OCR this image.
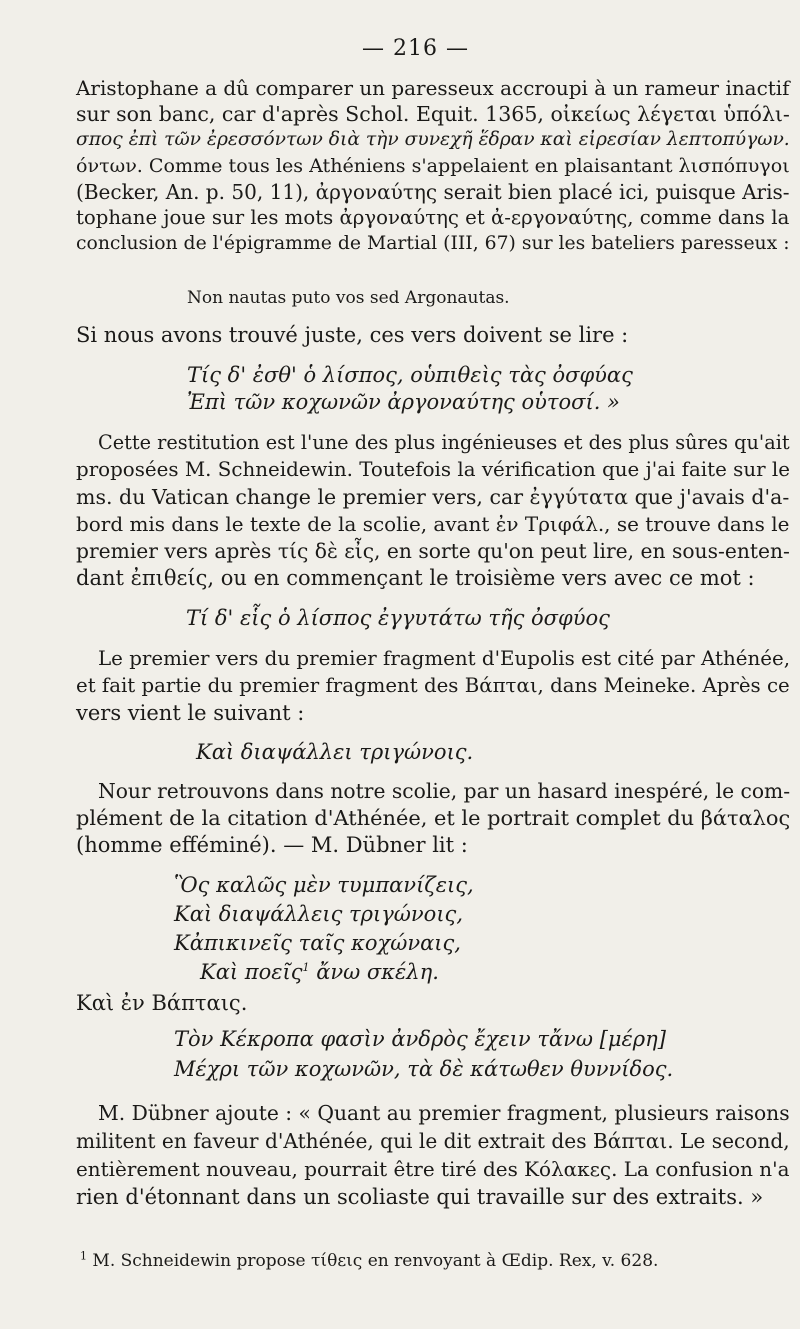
— 216 —
Aristophane a dû comparer un paresseux accroupi à un rameur inactif
sur son banc, car d'après Schol. Equit. 1365, οἰκείως λέγεται ὑπόλι-
σπος ἐπὶ τῶν ἐρεσσόντων διὰ τὴν συνεχῆ ἕδραν καὶ εἰρεσίαν λεπτοπύγων.
όντων. Comme tous les Athéniens s'appelaient en plaisantant λισπόπυγοι
(Becker, An. p. 50, 11), ἀργοναύτης serait bien placé ici, puisque Aris-
tophane joue sur les mots ἀργοναύτης et ἀ-εργοναύτης, comme dans la
conclusion de l'épigramme de Martial (III, 67) sur les bateliers paresseux :
Non nautas puto vos sed Argonautas.
Si nous avons trouvé juste, ces vers doivent se lire :
Τίς δ' ἐσθ' ὁ λίσπος, οὑπιθεὶς τὰς ὀσφύας
Ἐπὶ τῶν κοχωνῶν ἀργοναύτης οὑτοσί. »
Cette restitution est l'une des plus ingénieuses et des plus sûres qu'ait
proposées M. Schneidewin. Toutefois la vérification que j'ai faite sur le
ms. du Vatican change le premier vers, car ἐγγύτατα que j'avais d'a-
bord mis dans le texte de la scolie, avant ἐν Τριφάλ., se trouve dans le
premier vers après τίς δὲ εἶς, en sorte qu'on peut lire, en sous-enten-
dant ἐπιθείς, ou en commençant le troisième vers avec ce mot :
Τί δ' εἷς ὁ λίσπος ἐγγυτάτω τῆς ὀσφύος
Le premier vers du premier fragment d'Eupolis est cité par Athénée,
et fait partie du premier fragment des Βάπται, dans Meineke. Après ce
vers vient le suivant :
Καὶ διαψάλλει τριγώνοις.
Nour retrouvons dans notre scolie, par un hasard inespéré, le com-
plément de la citation d'Athénée, et le portrait complet du βάταλος
(homme efféminé). — M. Dübner lit :
Ὃς καλῶς μὲν τυμπανίζεις,
Καὶ διαψάλλεις τριγώνοις,
Κἀπικινεῖς ταῖς κοχώναις,
Καὶ ποεῖς$^1$ ἄνω σκέλη.
Καὶ ἐν Βάπταις.
Τὸν Κέκροπα φασὶν ἀνδρὸς ἔχειν τἄνω [μέρη]
Μέχρι τῶν κοχωνῶν, τὰ δὲ κάτωθεν θυννίδος.
M. Dübner ajoute : « Quant au premier fragment, plusieurs raisons
militent en faveur d'Athénée, qui le dit extrait des Βάπται. Le second,
entièrement nouveau, pourrait être tiré des Κόλακες. La confusion n'a
rien d'étonnant dans un scoliaste qui travaille sur des extraits. »
$^1$ M. Schneidewin propose τίθεις en renvoyant à Œdip. Rex, v. 628.
